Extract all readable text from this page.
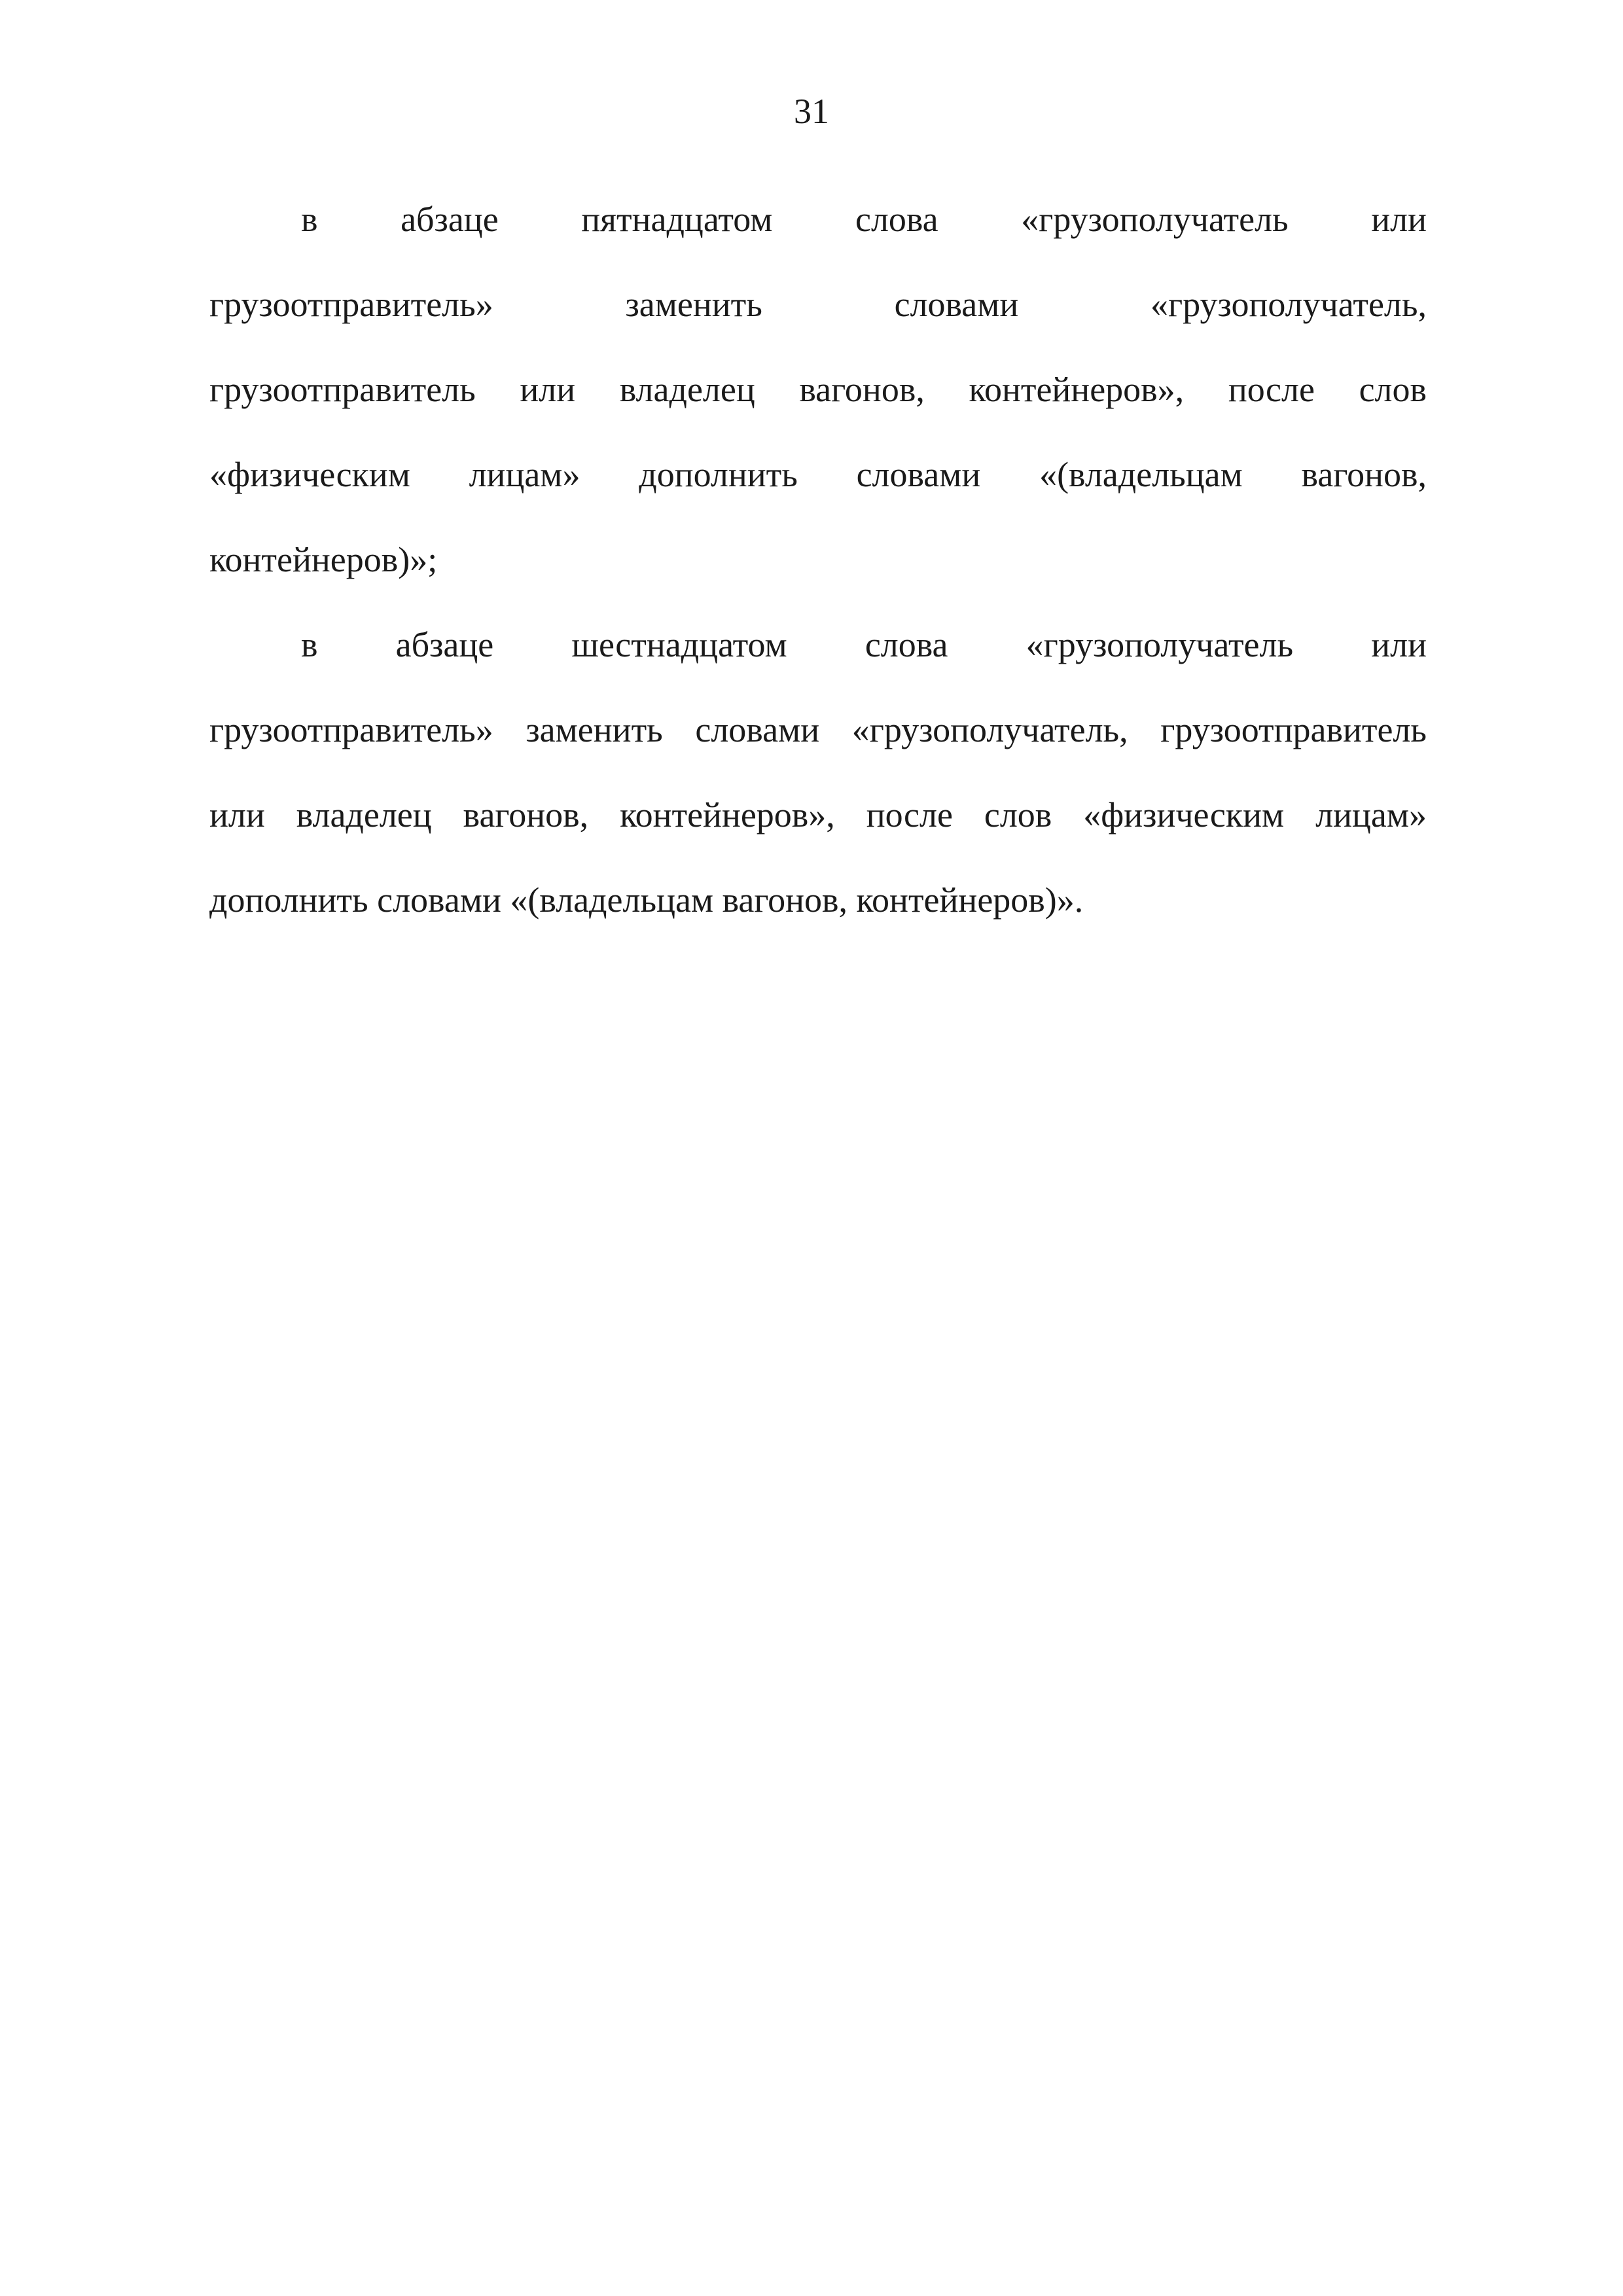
31
в абзаце пятнадцатом слова «грузополучатель или
грузоотправитель» заменить словами «грузополучатель,
грузоотправитель или владелец вагонов, контейнеров», после слов
«физическим лицам» дополнить словами «(владельцам вагонов,
контейнеров)»;
в абзаце шестнадцатом слова «грузополучатель или
грузоотправитель» заменить словами «грузополучатель, грузоотправитель
или владелец вагонов, контейнеров», после слов «физическим лицам»
дополнить словами «(владельцам вагонов, контейнеров)».
